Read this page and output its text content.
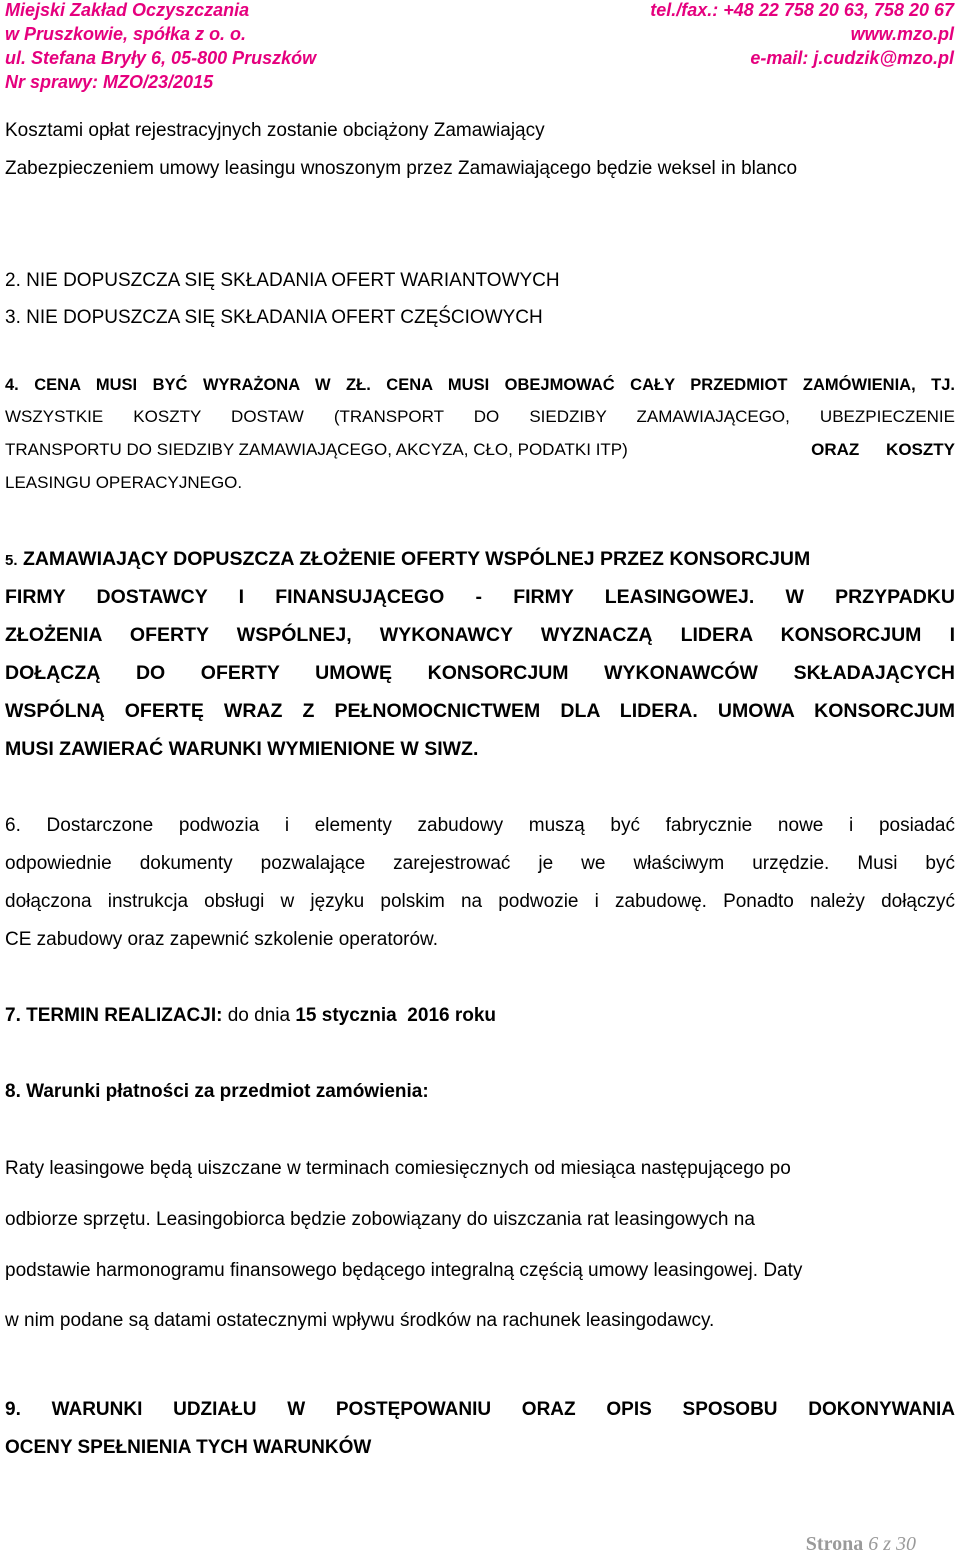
Miejski Zakład Oczyszczania
w Pruszkowie, spółka z o. o.
ul. Stefana Bryły 6, 05-800 Pruszków
tel./fax.: +48 22 758 20 63, 758 20 67
www.mzo.pl
e-mail: j.cudzik@mzo.pl
Nr sprawy: MZO/23/2015
Kosztami opłat rejestracyjnych zostanie obciążony Zamawiający
Zabezpieczeniem umowy leasingu wnoszonym przez Zamawiającego będzie weksel in blanco
2. NIE DOPUSZCZA SIĘ SKŁADANIA OFERT WARIANTOWYCH
3. NIE DOPUSZCZA SIĘ SKŁADANIA OFERT CZĘŚCIOWYCH
4. CENA MUSI BYĆ WYRAŻONA W ZŁ. CENA MUSI OBEJMOWAĆ CAŁY PRZEDMIOT ZAMÓWIENIA, TJ.
WSZYSTKIE KOSZTY DOSTAW (TRANSPORT DO SIEDZIBY ZAMAWIAJĄCEGO, UBEZPIECZENIE
TRANSPORTU DO SIEDZIBY ZAMAWIAJĄCEGO, AKCYZA, CŁO, PODATKI ITP)	ORAZ KOSZTY
LEASINGU OPERACYJNEGO.
5. ZAMAWIAJĄCY DOPUSZCZA ZŁOŻENIE OFERTY WSPÓLNEJ PRZEZ KONSORCJUM
FIRMY DOSTAWCY I FINANSUJĄCEGO - FIRMY LEASINGOWEJ. W PRZYPADKU
ZŁOŻENIA OFERTY WSPÓLNEJ, WYKONAWCY WYZNACZĄ LIDERA KONSORCJUM I
DOŁĄCZĄ DO OFERTY UMOWĘ KONSORCJUM WYKONAWCÓW SKŁADAJĄCYCH
WSPÓLNĄ OFERTĘ WRAZ Z PEŁNOMOCNICTWEM DLA LIDERA. UMOWA KONSORCJUM
MUSI ZAWIERAĆ WARUNKI WYMIENIONE W SIWZ.
6. Dostarczone podwozia i elementy zabudowy muszą być fabrycznie nowe i posiadać
odpowiednie dokumenty pozwalające zarejestrować je we właściwym urzędzie. Musi być
dołączona instrukcja obsługi w języku polskim na podwozie i zabudowę. Ponadto należy dołączyć
CE zabudowy oraz zapewnić szkolenie operatorów.
7. TERMIN REALIZACJI: do dnia 15 stycznia  2016 roku
8. Warunki płatności za przedmiot zamówienia:
Raty leasingowe będą uiszczane w terminach comiesięcznych od miesiąca następującego po
odbiorze sprzętu. Leasingobiorca będzie zobowiązany do uiszczania rat leasingowych na
podstawie harmonogramu finansowego będącego integralną częścią umowy leasingowej. Daty
w nim podane są datami ostatecznymi wpływu środków na rachunek leasingodawcy.
9. WARUNKI UDZIAŁU W POSTĘPOWANIU ORAZ OPIS SPOSOBU DOKONYWANIA
OCENY SPEŁNIENIA TYCH WARUNKÓW
Strona 6 z 30
